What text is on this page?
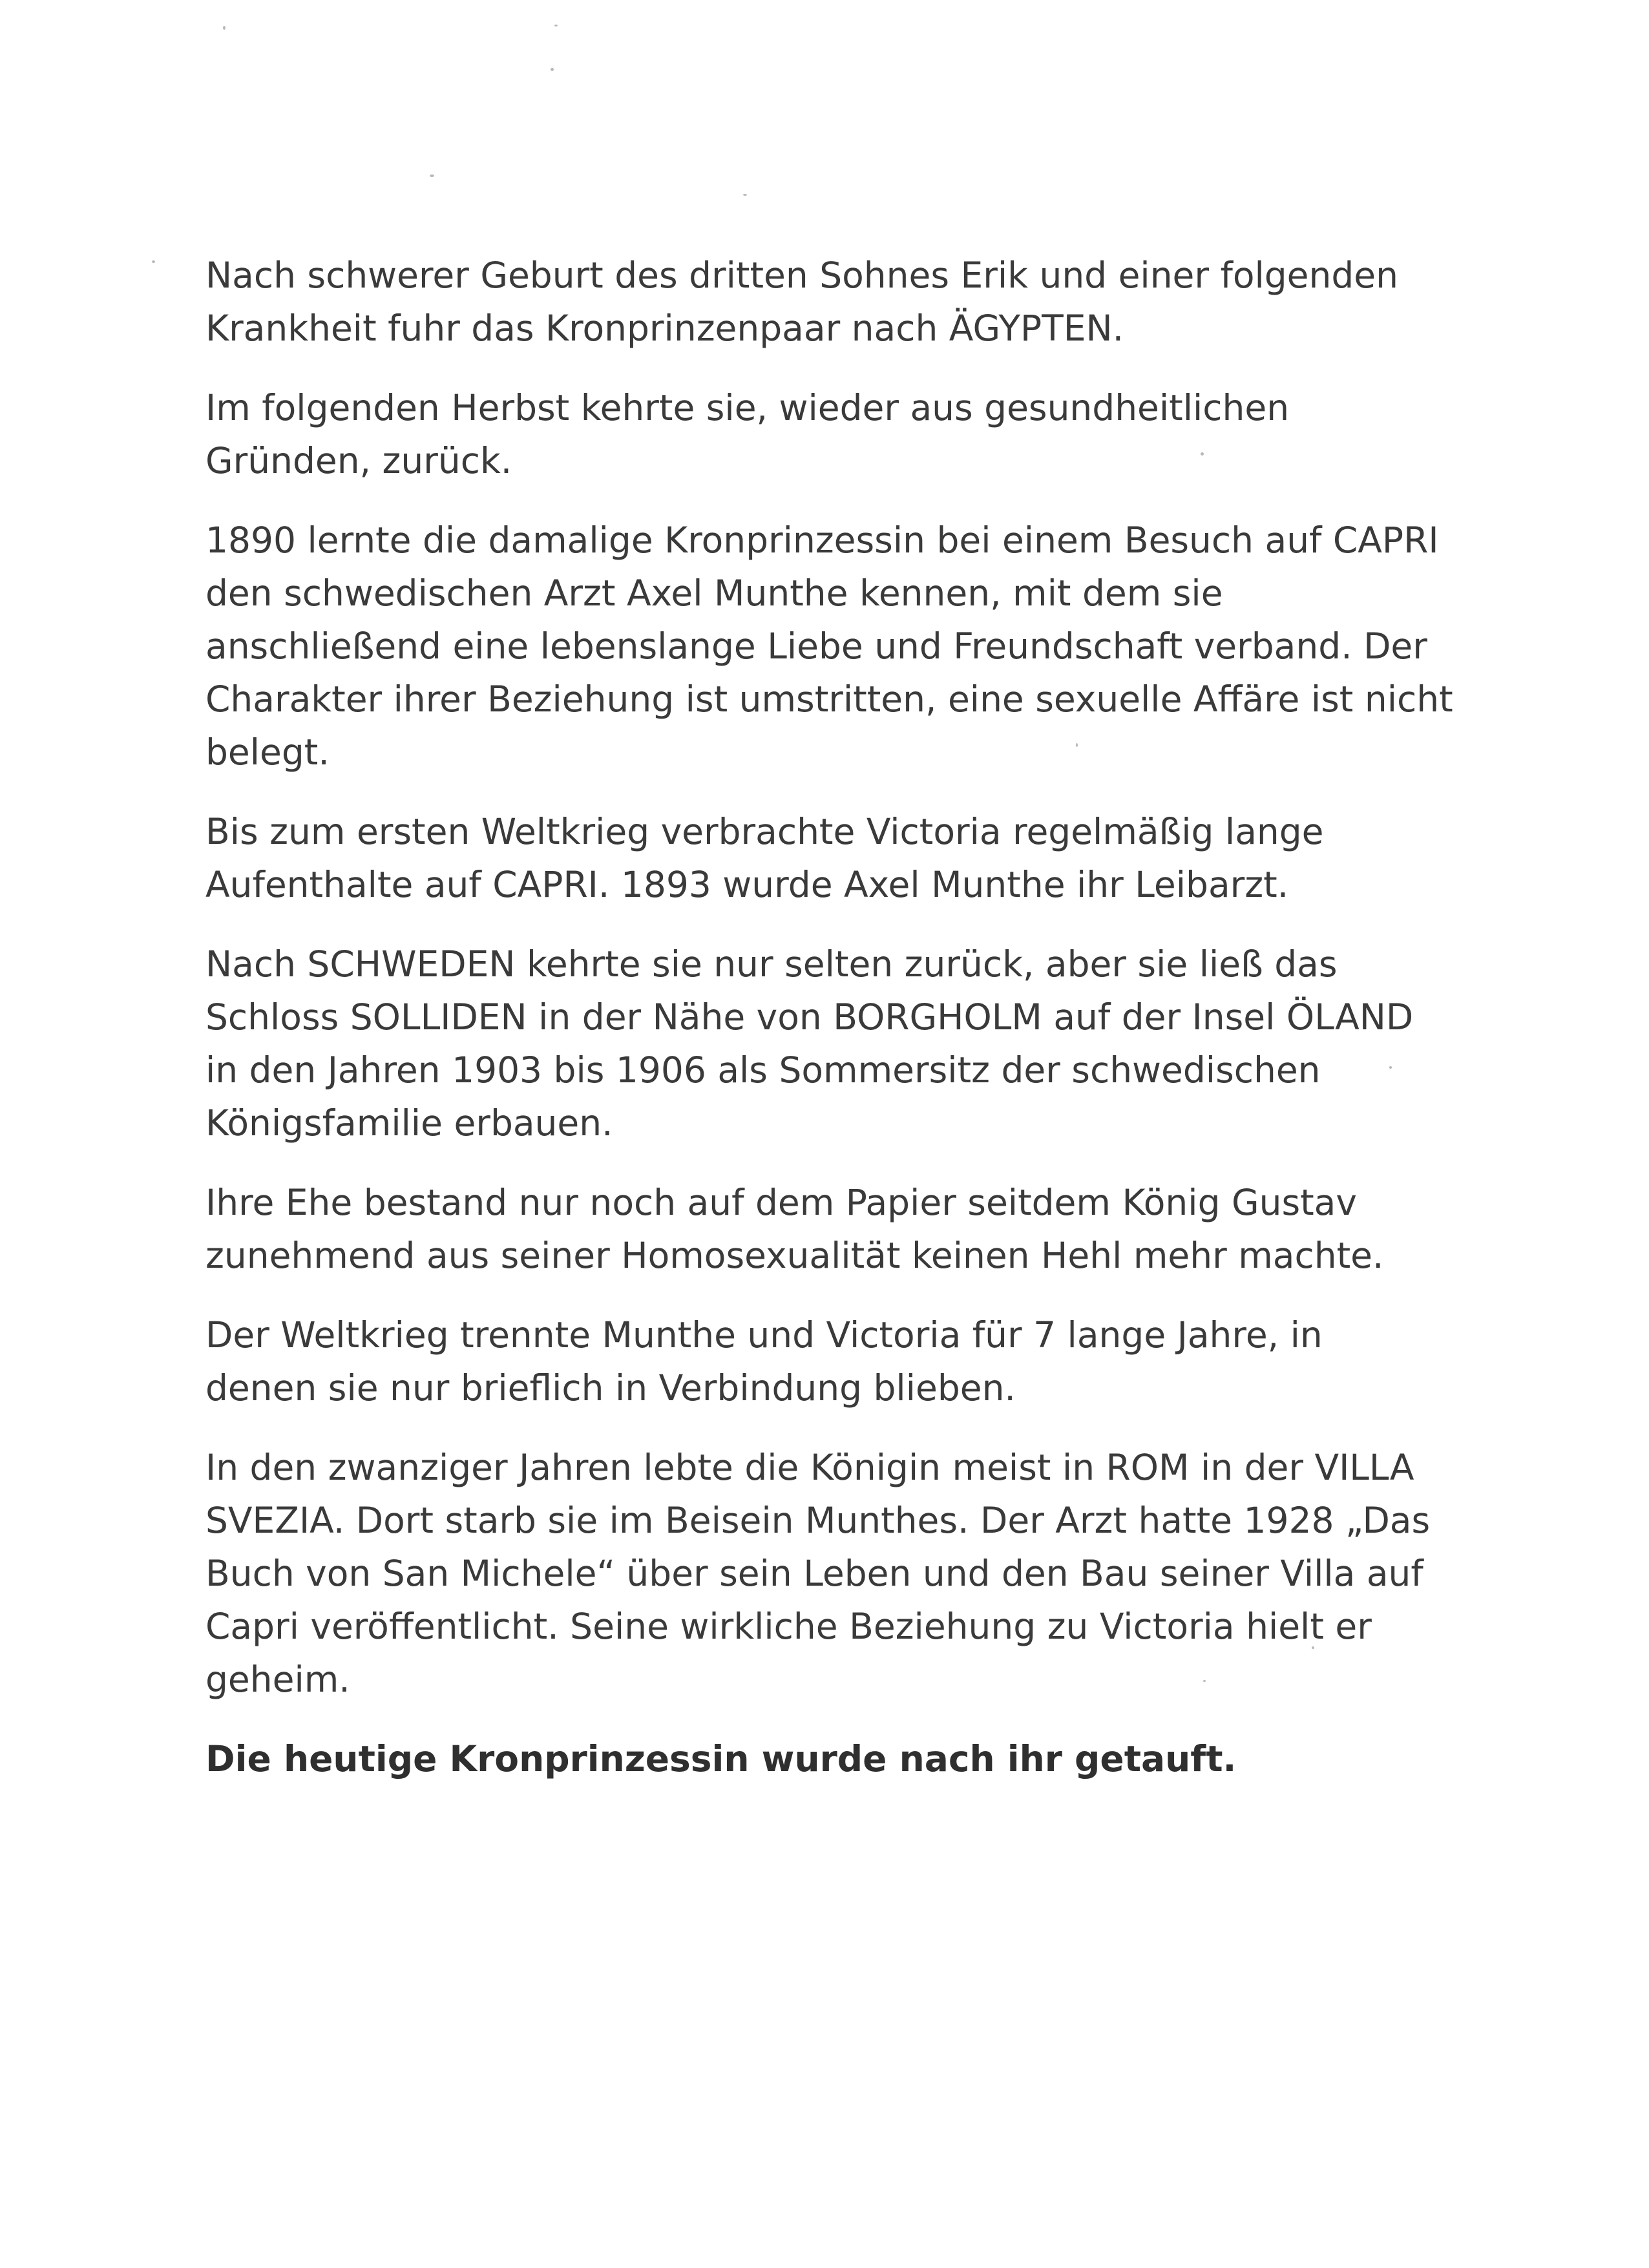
Nach schwerer Geburt des dritten Sohnes Erik und einer folgenden
Krankheit fuhr das Kronprinzenpaar nach ÄGYPTEN.

Im folgenden Herbst kehrte sie, wieder aus gesundheitlichen
Gründen, zurück.

1890 lernte die damalige Kronprinzessin bei einem Besuch auf CAPRI
den schwedischen Arzt Axel Munthe kennen, mit dem sie
anschließend eine lebenslange Liebe und Freundschaft verband. Der
Charakter ihrer Beziehung ist umstritten, eine sexuelle Affäre ist nicht
belegt.

Bis zum ersten Weltkrieg verbrachte Victoria regelmäßig lange
Aufenthalte auf CAPRI. 1893 wurde Axel Munthe ihr Leibarzt.

Nach SCHWEDEN kehrte sie nur selten zurück, aber sie ließ das
Schloss SOLLIDEN in der Nähe von BORGHOLM auf der Insel ÖLAND
in den Jahren 1903 bis 1906 als Sommersitz der schwedischen
Königsfamilie erbauen.

Ihre Ehe bestand nur noch auf dem Papier seitdem König Gustav
zunehmend aus seiner Homosexualität keinen Hehl mehr machte.

Der Weltkrieg trennte Munthe und Victoria für 7 lange Jahre, in
denen sie nur brieflich in Verbindung blieben.

In den zwanziger Jahren lebte die Königin meist in ROM in der VILLA
SVEZIA. Dort starb sie im Beisein Munthes. Der Arzt hatte 1928 „Das
Buch von San Michele“ über sein Leben und den Bau seiner Villa auf
Capri veröffentlicht. Seine wirkliche Beziehung zu Victoria hielt er
geheim.

Die heutige Kronprinzessin wurde nach ihr getauft.
